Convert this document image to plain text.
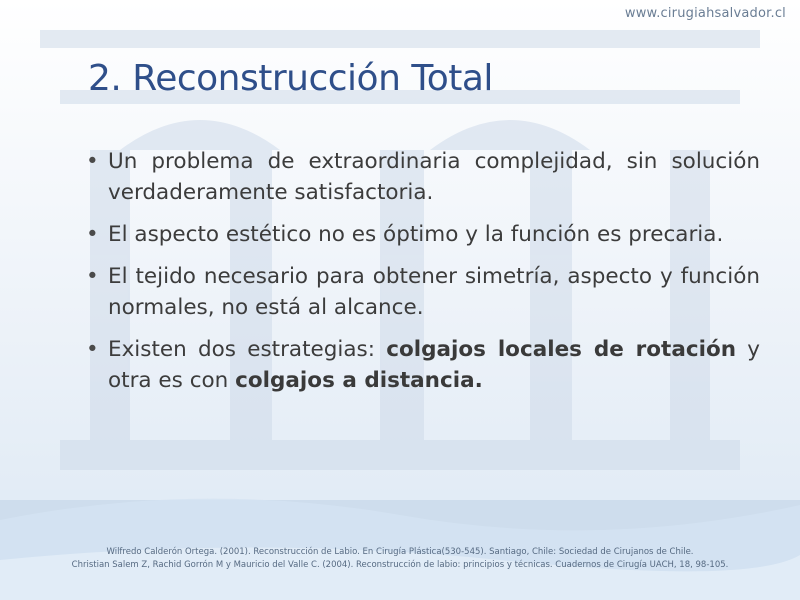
www.cirugiahsalvador.cl
2. Reconstrucción Total
• Un problema de extraordinaria complejidad, sin solución verdaderamente satisfactoria.
• El aspecto estético no es óptimo y la función es precaria.
• El tejido necesario para obtener simetría, aspecto y función normales, no está al alcance.
• Existen dos estrategias: colgajos locales de rotación y otra es con colgajos a distancia.
Wilfredo Calderón Ortega. (2001). Reconstrucción de Labio. En Cirugía Plástica(530-545). Santiago, Chile: Sociedad de Cirujanos de Chile.
Christian Salem Z, Rachid Gorrón M y Mauricio del Valle C. (2004). Reconstrucción de labio: principios y técnicas. Cuadernos de Cirugía UACH, 18, 98-105.
